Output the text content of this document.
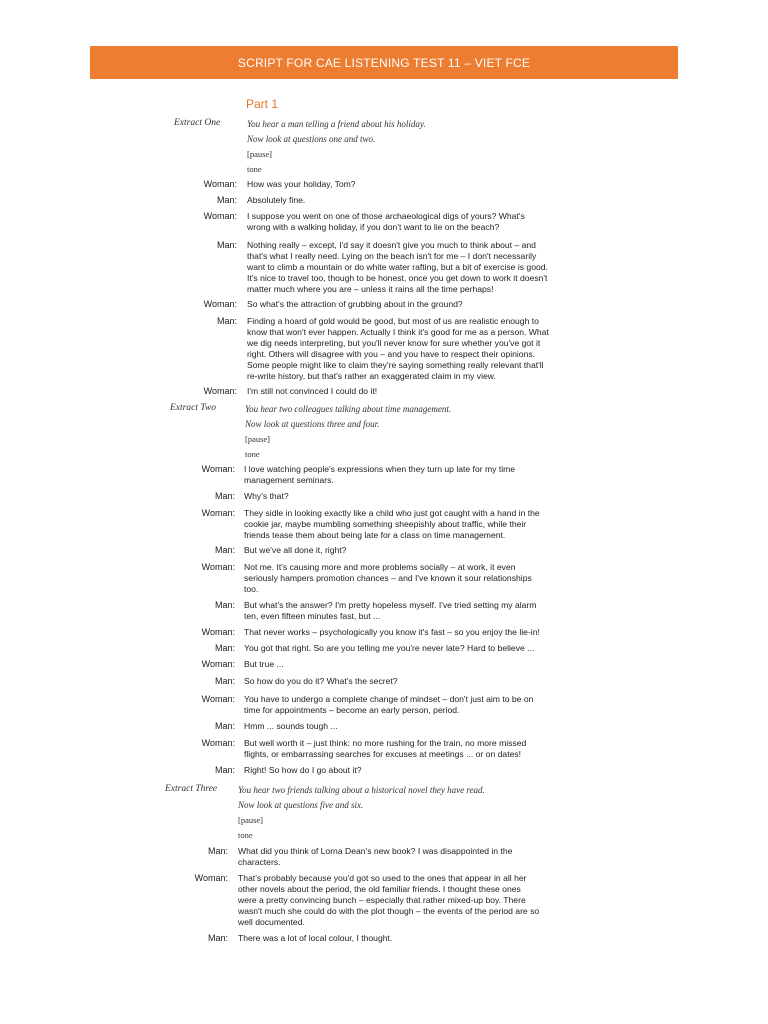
SCRIPT FOR CAE LISTENING TEST 11 – VIET FCE
Part 1
Extract One	You hear a man telling a friend about his holiday.
Now look at questions one and two.
[pause]
tone
Woman: How was your holiday, Tom?
Man: Absolutely fine.
Woman: I suppose you went on one of those archaeological digs of yours? What's wrong with a walking holiday, if you don't want to lie on the beach?
Man: Nothing really – except, I'd say it doesn't give you much to think about – and that's what I really need. Lying on the beach isn't for me – I don't necessarily want to climb a mountain or do white water rafting, but a bit of exercise is good. It's nice to travel too, though to be honest, once you get down to work it doesn't matter much where you are – unless it rains all the time perhaps!
Woman: So what's the attraction of grubbing about in the ground?
Man: Finding a hoard of gold would be good, but most of us are realistic enough to know that won't ever happen. Actually I think it's good for me as a person. What we dig needs interpreting, but you'll never know for sure whether you've got it right. Others will disagree with you – and you have to respect their opinions. Some people might like to claim they're saying something really relevant that'll re-write history, but that's rather an exaggerated claim in my view.
Woman: I'm still not convinced I could do it!
Extract Two	You hear two colleagues talking about time management.
Now look at questions three and four.
[pause]
tone
Woman: I love watching people's expressions when they turn up late for my time management seminars.
Man: Why's that?
Woman: They sidle in looking exactly like a child who just got caught with a hand in the cookie jar, maybe mumbling something sheepishly about traffic, while their friends tease them about being late for a class on time management.
Man: But we've all done it, right?
Woman: Not me. It's causing more and more problems socially – at work, it even seriously hampers promotion chances – and I've known it sour relationships too.
Man: But what's the answer? I'm pretty hopeless myself. I've tried setting my alarm ten, even fifteen minutes fast, but ...
Woman: That never works – psychologically you know it's fast – so you enjoy the lie-in!
Man: You got that right. So are you telling me you're never late? Hard to believe ...
Woman: But true ...
Man: So how do you do it? What's the secret?
Woman: You have to undergo a complete change of mindset – don't just aim to be on time for appointments – become an early person, period.
Man: Hmm ... sounds tough ...
Woman: But well worth it – just think: no more rushing for the train, no more missed flights, or embarrassing searches for excuses at meetings ... or on dates!
Man: Right! So how do I go about it?
Extract Three You hear two friends talking about a historical novel they have read.
Now look at questions five and six.
[pause]
tone
Man: What did you think of Lorna Dean's new book? I was disappointed in the characters.
Woman: That's probably because you'd got so used to the ones that appear in all her other novels about the period, the old familiar friends. I thought these ones were a pretty convincing bunch – especially that rather mixed-up boy. There wasn't much she could do with the plot though – the events of the period are so well documented.
Man: There was a lot of local colour, I thought.
